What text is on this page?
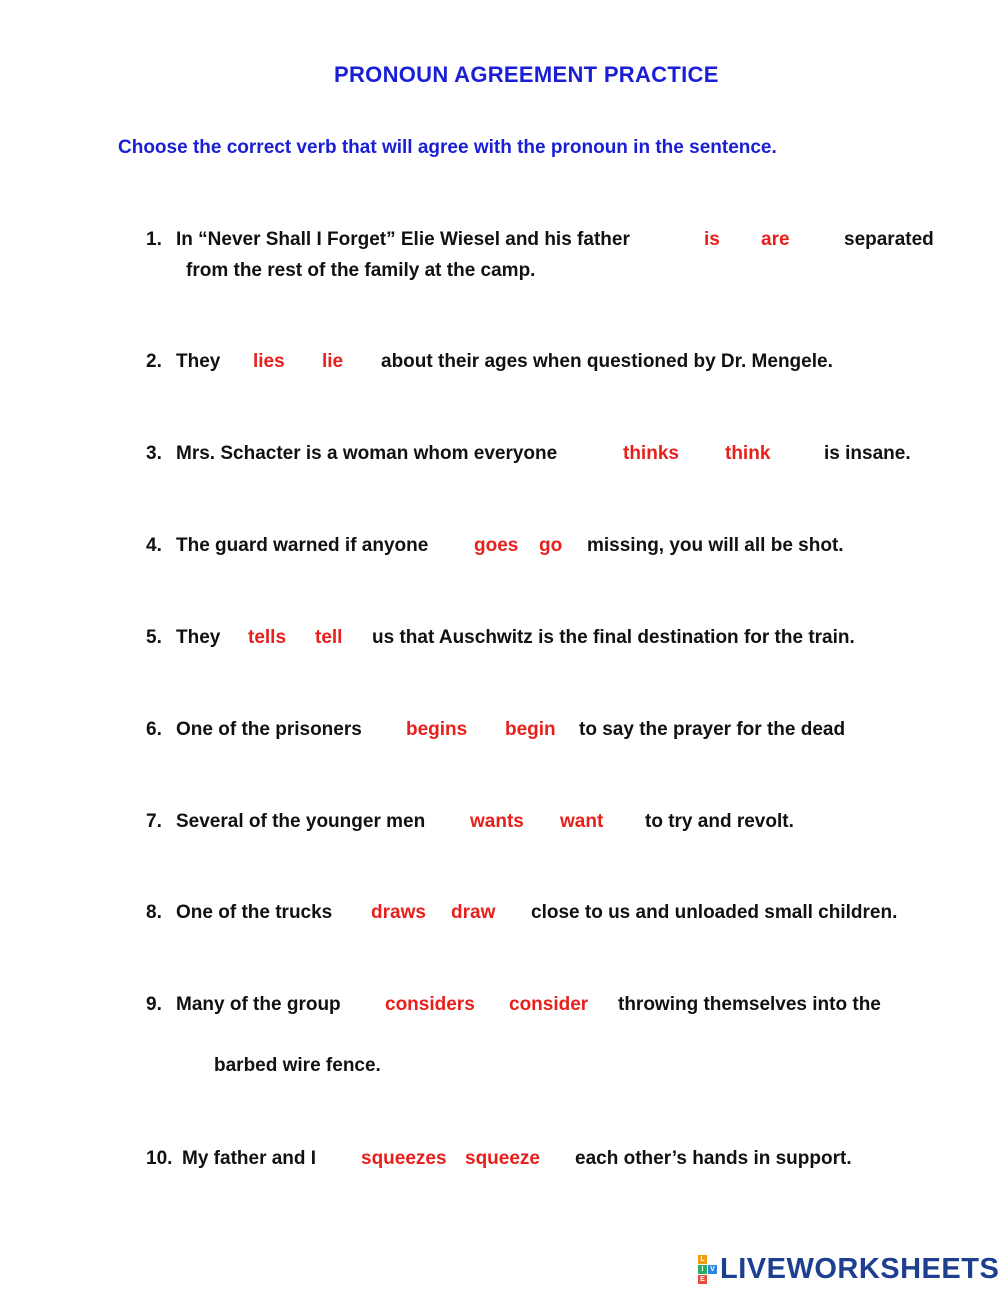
PRONOUN AGREEMENT PRACTICE
Choose the correct verb that will agree with the pronoun in the sentence.
1. In “Never Shall I Forget” Elie Wiesel and his father	is are	separated
from the rest of the family at the camp.
2. They lies lie about their ages when questioned by Dr. Mengele.
3. Mrs. Schacter is a woman whom everyone	thinks think	is insane.
4. The guard warned if anyone goes go missing, you will all be shot.
5. They tells tell us that Auschwitz is the final destination for the train.
6. One of the prisoners begins begin to say the prayer for the dead
7. Several of the younger men wants want to try and revolt.
8. One of the trucks draws draw close to us and unloaded small children.
9. Many of the group considers consider throwing themselves into the
barbed wire fence.
10. My father and I squeezes squeeze each other’s hands in support.
L
I V
E LIVEWORKSHEETS
